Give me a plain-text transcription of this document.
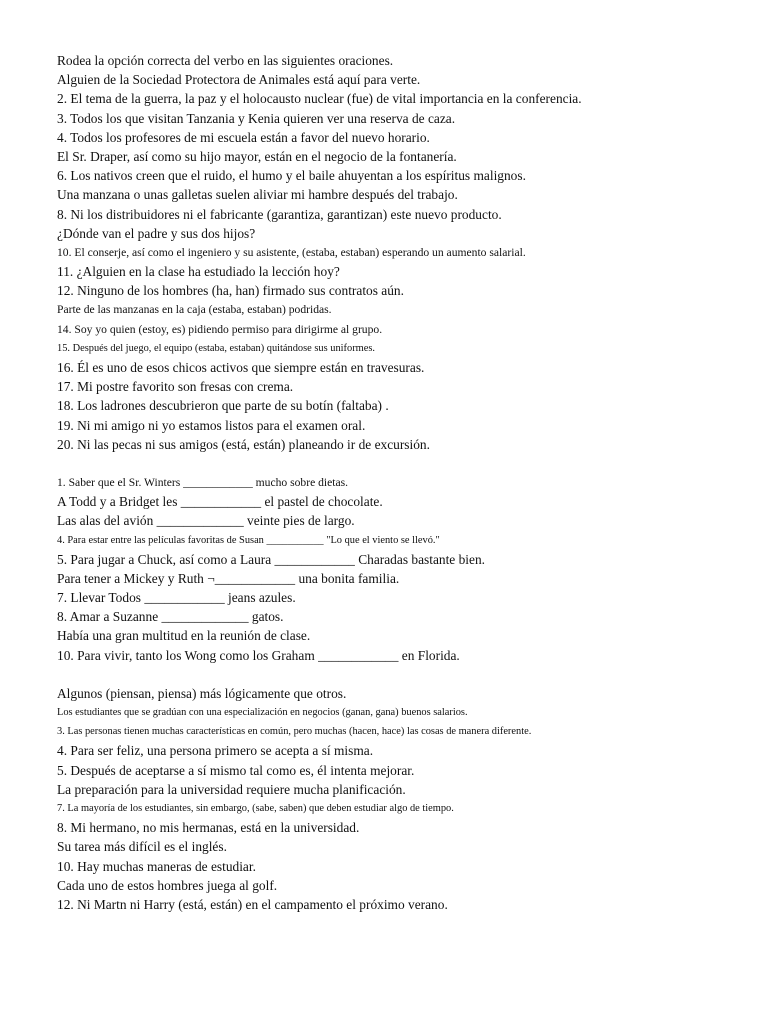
Rodea la opción correcta del verbo en las siguientes oraciones.
Alguien de la Sociedad Protectora de Animales está aquí para verte.
2. El tema de la guerra, la paz y el holocausto nuclear (fue) de vital importancia en la conferencia.
3. Todos los que visitan Tanzania y Kenia quieren ver una reserva de caza.
4. Todos los profesores de mi escuela están a favor del nuevo horario.
El Sr. Draper, así como su hijo mayor, están en el negocio de la fontanería.
6. Los nativos creen que el ruido, el humo y el baile ahuyentan a los espíritus malignos.
Una manzana o unas galletas suelen aliviar mi hambre después del trabajo.
8. Ni los distribuidores ni el fabricante (garantiza, garantizan) este nuevo producto.
¿Dónde van el padre y sus dos hijos?
10. El conserje, así como el ingeniero y su asistente, (estaba, estaban) esperando un aumento salarial.
11. ¿Alguien en la clase ha estudiado la lección hoy?
12. Ninguno de los hombres (ha, han) firmado sus contratos aún.
Parte de las manzanas en la caja (estaba, estaban) podridas.
14. Soy yo quien (estoy, es) pidiendo permiso para dirigirme al grupo.
15. Después del juego, el equipo (estaba, estaban) quitándose sus uniformes.
16. Él es uno de esos chicos activos que siempre están en travesuras.
17. Mi postre favorito son fresas con crema.
18. Los ladrones descubrieron que parte de su botín (faltaba) .
19. Ni mi amigo ni yo estamos listos para el examen oral.
20. Ni las pecas ni sus amigos (está, están) planeando ir de excursión.
1. Saber que el Sr. Winters ____________ mucho sobre dietas.
A Todd y a Bridget les ____________ el pastel de chocolate.
Las alas del avión _____________ veinte pies de largo.
4. Para estar entre las películas favoritas de Susan ___________ "Lo que el viento se llevó."
5. Para jugar a Chuck, así como a Laura ____________ Charadas bastante bien.
Para tener a Mickey y Ruth ¬____________ una bonita familia.
7. Llevar Todos ____________ jeans azules.
8. Amar a Suzanne _____________ gatos.
Había una gran multitud en la reunión de clase.
10. Para vivir, tanto los Wong como los Graham ____________ en Florida.
Algunos (piensan, piensa) más lógicamente que otros.
Los estudiantes que se gradúan con una especialización en negocios (ganan, gana) buenos salarios.
3. Las personas tienen muchas características en común, pero muchas (hacen, hace) las cosas de manera diferente.
4. Para ser feliz, una persona primero se acepta a sí misma.
5. Después de aceptarse a sí mismo tal como es, él intenta mejorar.
La preparación para la universidad requiere mucha planificación.
7. La mayoría de los estudiantes, sin embargo, (sabe, saben) que deben estudiar algo de tiempo.
8. Mi hermano, no mis hermanas, está en la universidad.
Su tarea más difícil es el inglés.
10. Hay muchas maneras de estudiar.
Cada uno de estos hombres juega al golf.
12. Ni Martn ni Harry (está, están) en el campamento el próximo verano.
